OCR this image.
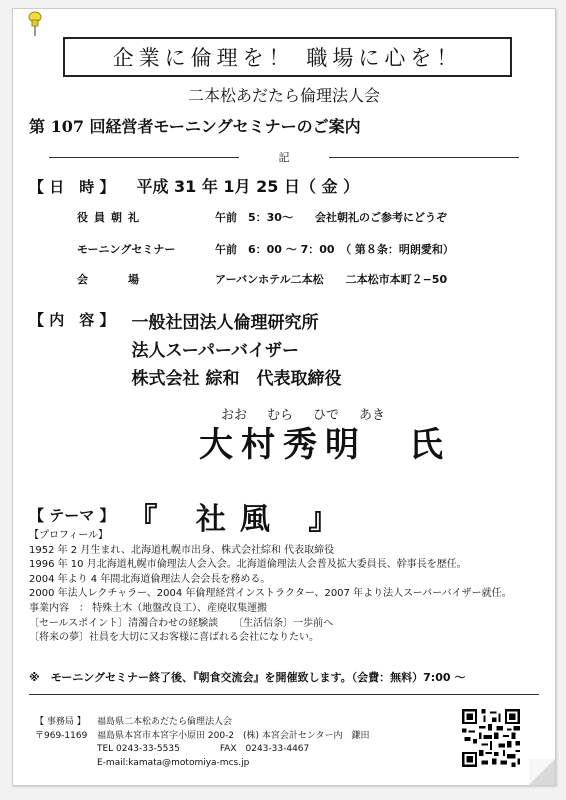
企業に倫理を！ 職場に心を！
二本松あだたら倫理法人会
第 107 回経営者モーニングセミナーのご案内
記
【 日　時 】 平成 31 年 1月 25 日（ 金 ）
役員朝礼	午前　5：30～　　会社朝礼のご参考にどうぞ
モーニングセミナー	午前　6：00 ～ 7：00　（ 第８条：明朗愛和）
会　　場	アーバンホテル二本松　　二本松市本町２−50
【 内　容 】 一般社団法人倫理研究所
法人スーパーバイザー
株式会社 綜和　代表取締役
おお むら ひで あき
大村秀明　氏
【 テーマ 】 『 社風 』
【プロフィール】
1952 年 2 月生まれ、北海道札幌市出身、株式会社綜和 代表取締役
1996 年 10 月北海道札幌市倫理法人会入会。北海道倫理法人会普及拡大委員長、幹事長を歴任。
2004 年より 4 年間北海道倫理法人会会長を務める。
2000 年法人レクチャラー、2004 年倫理経営インストラクター、2007 年より法人スーパーバイザー就任。
事業内容　： 特殊土木（地盤改良工）、産廃収集運搬
〔セールスポイント〕清濁合わせの経験談　　〔生活信条〕一歩前へ
〔将来の夢〕社員を大切に又お客様に喜ばれる会社になりたい。
※　モーニングセミナー終了後、『朝食交流会』を開催致します。（会費：無料）7:00 ～
【 事務局 】 福島県二本松あだたら倫理法人会
〒969-1169 福島県本宮市本宮字小原田 200-2　(株) 本宮会計センター内　鎌田
TEL 0243-33-5535	FAX　0243-33-4467
E-mail:kamata@motomiya-mcs.jp
